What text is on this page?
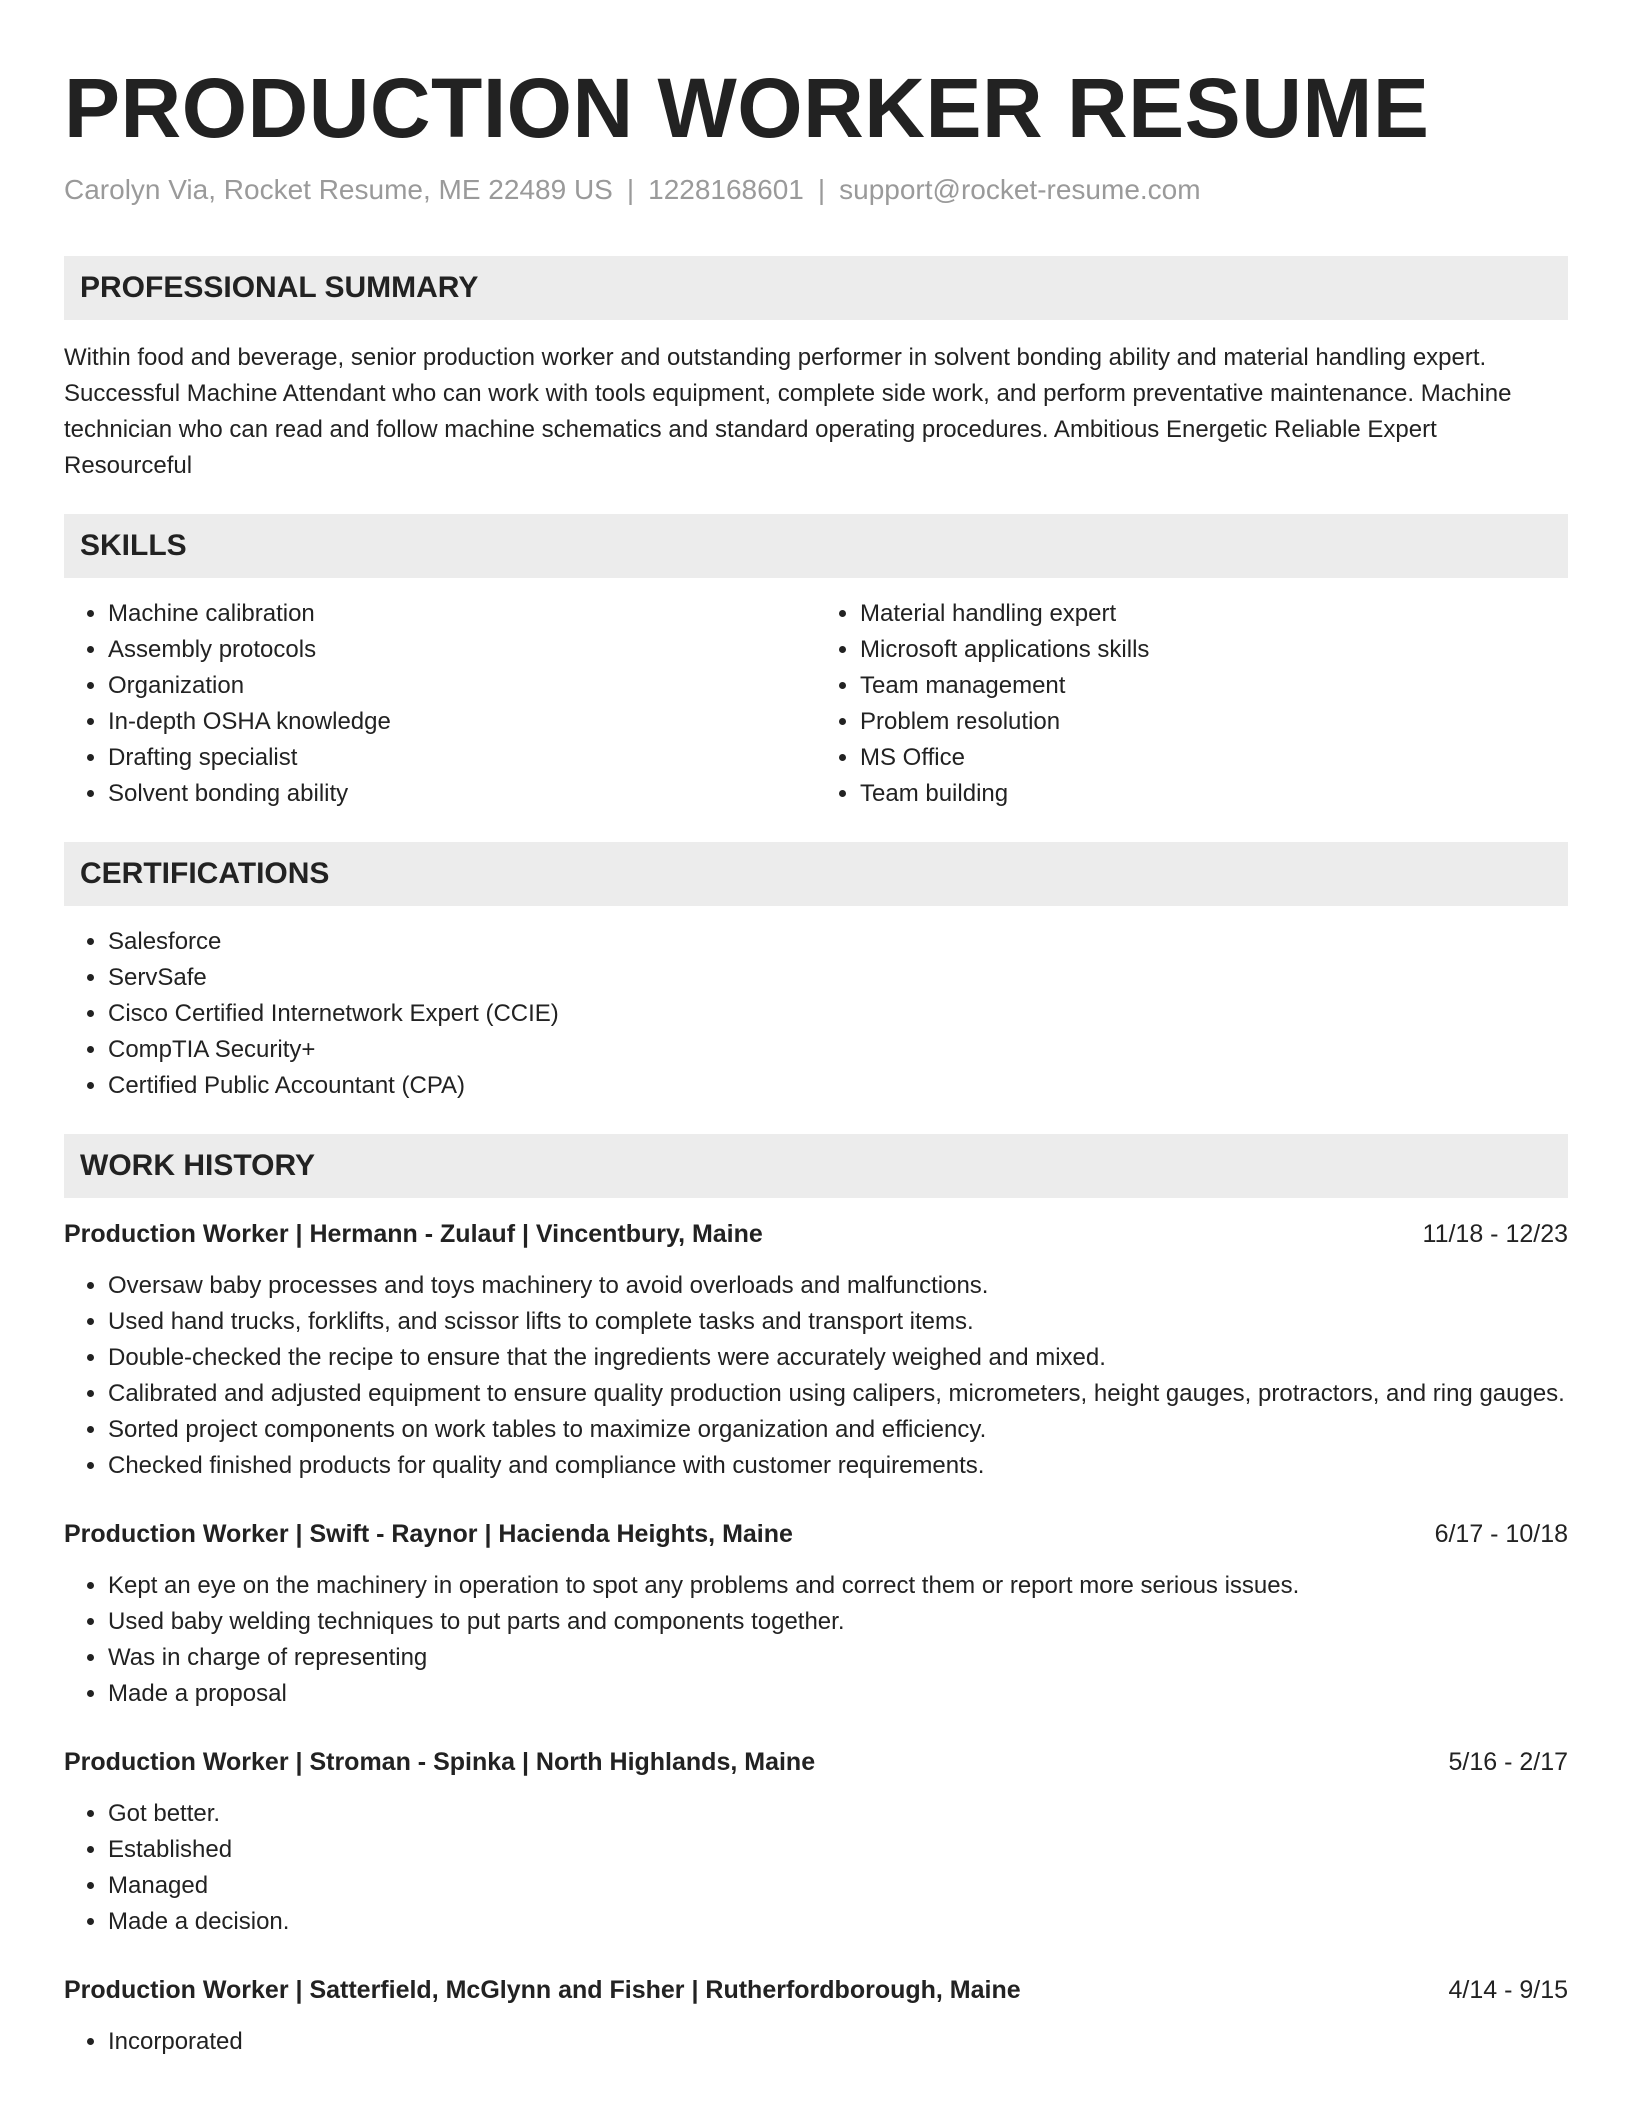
PRODUCTION WORKER RESUME
Carolyn Via, Rocket Resume, ME 22489 US | 1228168601 | support@rocket-resume.com
PROFESSIONAL SUMMARY

Within food and beverage, senior production worker and outstanding performer in solvent bonding ability and material handling expert. Successful Machine Attendant who can work with tools equipment, complete side work, and perform preventative maintenance. Machine technician who can read and follow machine schematics and standard operating procedures. Ambitious Energetic Reliable Expert Resourceful

SKILLS
• Machine calibration
• Assembly protocols
• Organization
• In-depth OSHA knowledge
• Drafting specialist
• Solvent bonding ability
• Material handling expert
• Microsoft applications skills
• Team management
• Problem resolution
• MS Office
• Team building
CERTIFICATIONS
• Salesforce
• ServSafe
• Cisco Certified Internetwork Expert (CCIE)
• CompTIA Security+
• Certified Public Accountant (CPA)
WORK HISTORY
Production Worker | Hermann - Zulauf | Vincentbury, Maine	11/18 - 12/23
• Oversaw baby processes and toys machinery to avoid overloads and malfunctions.
• Used hand trucks, forklifts, and scissor lifts to complete tasks and transport items.
• Double-checked the recipe to ensure that the ingredients were accurately weighed and mixed.
• Calibrated and adjusted equipment to ensure quality production using calipers, micrometers, height gauges, protractors, and ring gauges.
• Sorted project components on work tables to maximize organization and efficiency.
• Checked finished products for quality and compliance with customer requirements.
Production Worker | Swift - Raynor | Hacienda Heights, Maine	6/17 - 10/18
• Kept an eye on the machinery in operation to spot any problems and correct them or report more serious issues.
• Used baby welding techniques to put parts and components together.
• Was in charge of representing
• Made a proposal
Production Worker | Stroman - Spinka | North Highlands, Maine	5/16 - 2/17
• Got better.
• Established
• Managed
• Made a decision.
Production Worker | Satterfield, McGlynn and Fisher | Rutherfordborough, Maine	4/14 - 9/15
• Incorporated
